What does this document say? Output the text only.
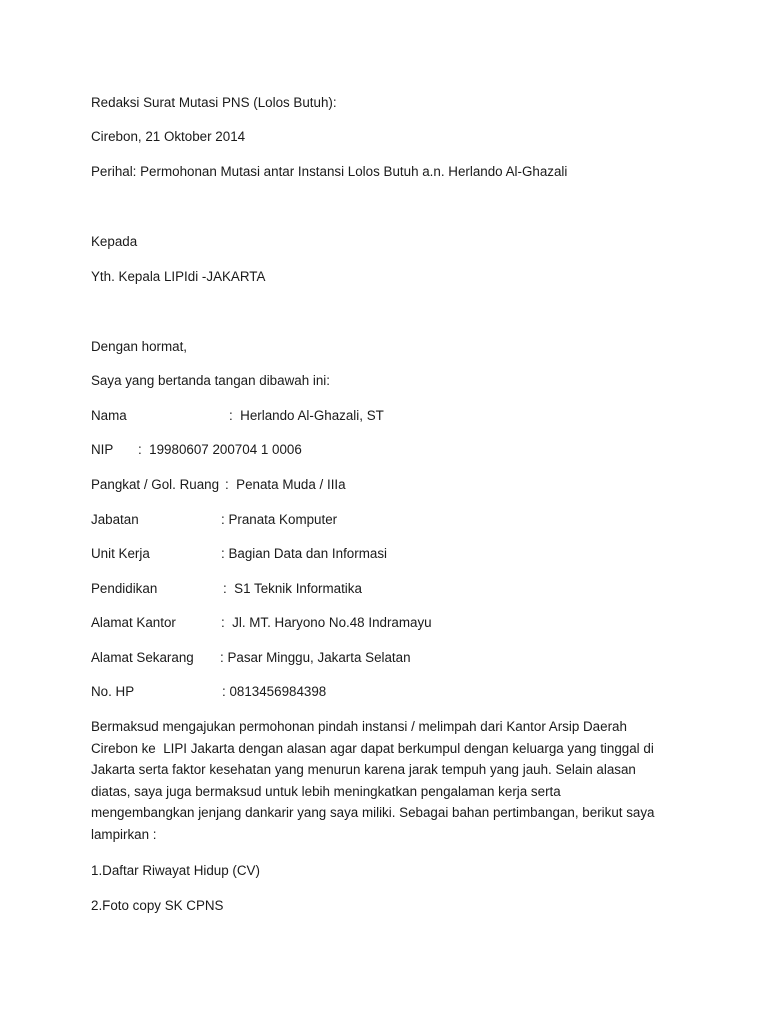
Redaksi Surat Mutasi PNS (Lolos Butuh):
Cirebon, 21 Oktober 2014
Perihal: Permohonan Mutasi antar Instansi Lolos Butuh a.n. Herlando Al-Ghazali
Kepada
Yth. Kepala LIPIdi -JAKARTA
Dengan hormat,
Saya yang bertanda tangan dibawah ini:
Nama	:  Herlando Al-Ghazali, ST
NIP :  19980607 200704 1 0006
Pangkat / Gol. Ruang :  Penata Muda / IIIa
Jabatan	: Pranata Komputer
Unit Kerja	: Bagian Data dan Informasi
Pendidikan	:  S1 Teknik Informatika
Alamat Kantor	:  Jl. MT. Haryono No.48 Indramayu
Alamat Sekarang : Pasar Minggu, Jakarta Selatan
No. HP	: 0813456984398
Bermaksud mengajukan permohonan pindah instansi / melimpah dari Kantor Arsip Daerah
Cirebon ke  LIPI Jakarta dengan alasan agar dapat berkumpul dengan keluarga yang tinggal di
Jakarta serta faktor kesehatan yang menurun karena jarak tempuh yang jauh. Selain alasan
diatas, saya juga bermaksud untuk lebih meningkatkan pengalaman kerja serta
mengembangkan jenjang dankarir yang saya miliki. Sebagai bahan pertimbangan, berikut saya
lampirkan :
1.Daftar Riwayat Hidup (CV)
2.Foto copy SK CPNS
